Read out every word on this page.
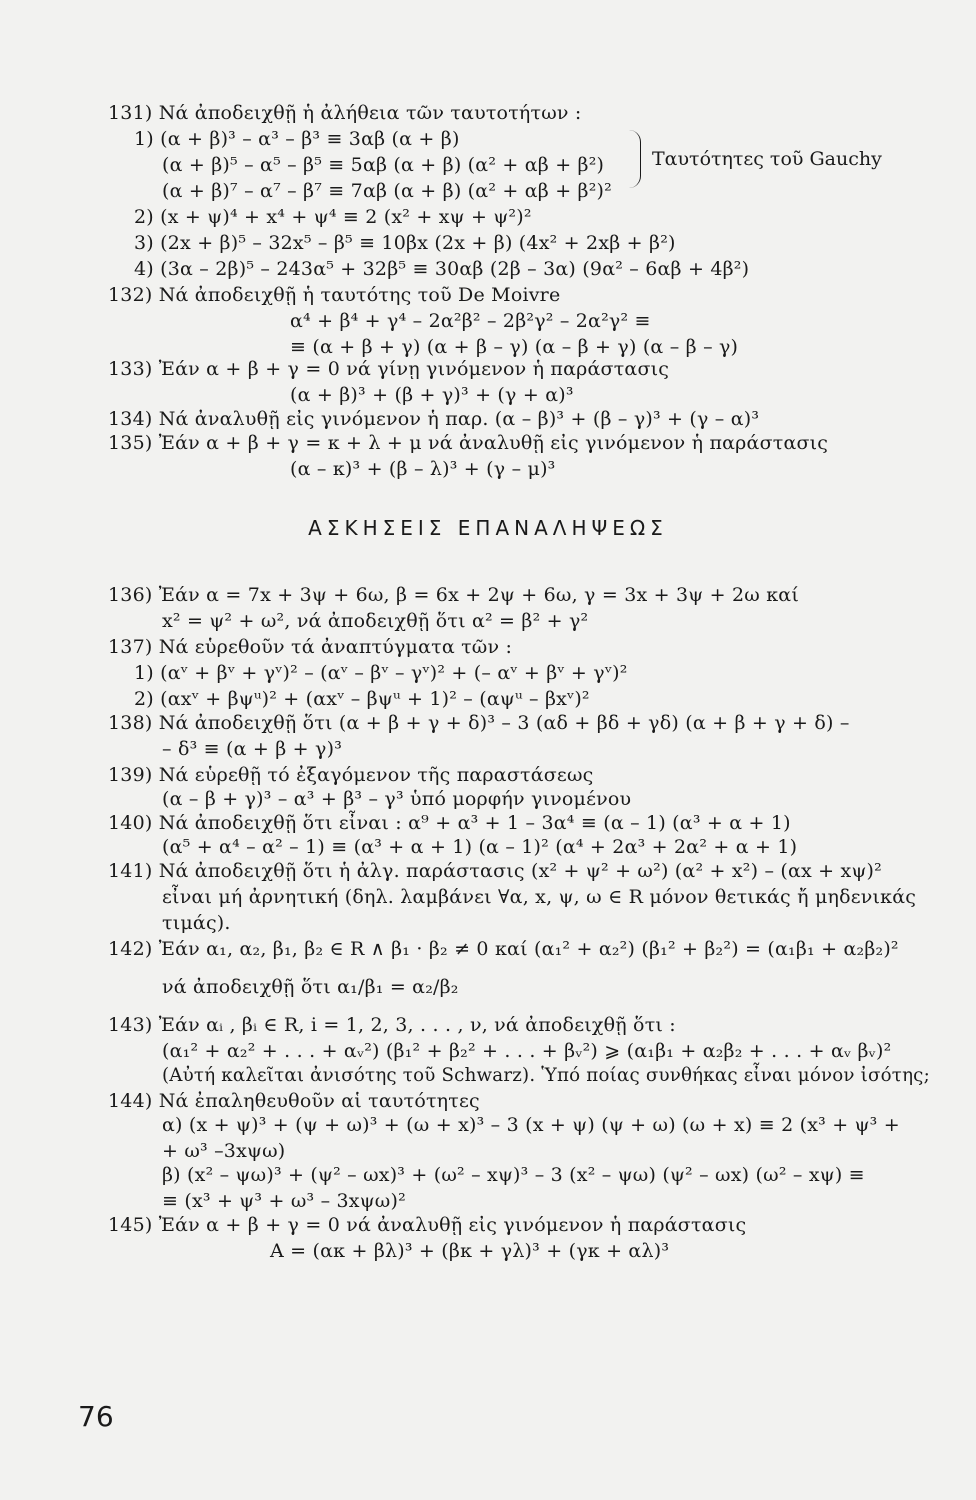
131) Νά ἀποδειχθῇ ἡ ἀλήθεια τῶν ταυτοτήτων :
1) (α + β)³ – α³ – β³ ≡ 3αβ (α + β)
(α + β)⁵ – α⁵ – β⁵ ≡ 5αβ (α + β) (α² + αβ + β²)
(α + β)⁷ – α⁷ – β⁷ ≡ 7αβ (α + β) (α² + αβ + β²)²
Ταυτότητες τοῦ Gauchy
2) (x + ψ)⁴ + x⁴ + ψ⁴ ≡ 2 (x² + xψ + ψ²)²
3) (2x + β)⁵ – 32x⁵ – β⁵ ≡ 10βx (2x + β) (4x² + 2xβ + β²)
4) (3α – 2β)⁵ – 243α⁵ + 32β⁵ ≡ 30αβ (2β – 3α) (9α² – 6αβ + 4β²)
132) Νά ἀποδειχθῇ ἡ ταυτότης τοῦ De Moivre
α⁴ + β⁴ + γ⁴ – 2α²β² – 2β²γ² – 2α²γ² ≡
≡ (α + β + γ) (α + β – γ) (α – β + γ) (α – β – γ)
133) Ἐάν α + β + γ = 0 νά γίνῃ γινόμενον ἡ παράστασις
(α + β)³ + (β + γ)³ + (γ + α)³
134) Νά ἀναλυθῇ εἰς γινόμενον ἡ παρ. (α – β)³ + (β – γ)³ + (γ – α)³
135) Ἐάν α + β + γ = κ + λ + μ νά ἀναλυθῇ εἰς γινόμενον ἡ παράστασις
(α – κ)³ + (β – λ)³ + (γ – μ)³
ΑΣΚΗΣΕΙΣ ΕΠΑΝΑΛΗΨΕΩΣ
136) Ἐάν α = 7x + 3ψ + 6ω, β = 6x + 2ψ + 6ω, γ = 3x + 3ψ + 2ω καί
x² = ψ² + ω², νά ἀποδειχθῇ ὅτι α² = β² + γ²
137) Νά εὑρεθοῦν τά ἀναπτύγματα τῶν :
1) (αᵛ + βᵛ + γᵛ)² – (αᵛ – βᵛ – γᵛ)² + (– αᵛ + βᵛ + γᵛ)²
2) (αxᵛ + βψᵘ)² + (αxᵛ – βψᵘ + 1)² – (αψᵘ – βxᵛ)²
138) Νά ἀποδειχθῇ ὅτι (α + β + γ + δ)³ – 3 (αδ + βδ + γδ) (α + β + γ + δ) –
– δ³ ≡ (α + β + γ)³
139) Νά εὑρεθῇ τό ἐξαγόμενον τῆς παραστάσεως
(α – β + γ)³ – α³ + β³ – γ³ ὑπό μορφήν γινομένου
140) Νά ἀποδειχθῇ ὅτι εἶναι : α⁹ + α³ + 1 – 3α⁴ ≡ (α – 1) (α³ + α + 1)
(α⁵ + α⁴ – α² – 1) ≡ (α³ + α + 1) (α – 1)² (α⁴ + 2α³ + 2α² + α + 1)
141) Νά ἀποδειχθῇ ὅτι ἡ ἀλγ. παράστασις (x² + ψ² + ω²) (α² + x²) – (αx + xψ)²
εἶναι μή ἀρνητική (δηλ. λαμβάνει ∀α, x, ψ, ω ∈ R μόνον θετικάς ἤ μηδενικάς
τιμάς).
142) Ἐάν α₁, α₂, β₁, β₂ ∈ R ∧ β₁ · β₂ ≠ 0 καί (α₁² + α₂²) (β₁² + β₂²) = (α₁β₁ + α₂β₂)²
νά ἀποδειχθῇ ὅτι α₁/β₁ = α₂/β₂
143) Ἐάν αᵢ , βᵢ ∈ R, i = 1, 2, 3, . . . , ν, νά ἀποδειχθῇ ὅτι :
(α₁² + α₂² + . . . + αᵥ²) (β₁² + β₂² + . . . + βᵥ²) ⩾ (α₁β₁ + α₂β₂ + . . . + αᵥ βᵥ)²
(Αὐτή καλεῖται ἀνισότης τοῦ Schwarz). Ὑπό ποίας συνθήκας εἶναι μόνον ἰσότης;
144) Νά ἐπαληθευθοῦν αἱ ταυτότητες
α) (x + ψ)³ + (ψ + ω)³ + (ω + x)³ – 3 (x + ψ) (ψ + ω) (ω + x) ≡ 2 (x³ + ψ³ +
+ ω³ –3xψω)
β) (x² – ψω)³ + (ψ² – ωx)³ + (ω² – xψ)³ – 3 (x² – ψω) (ψ² – ωx) (ω² – xψ) ≡
≡ (x³ + ψ³ + ω³ – 3xψω)²
145) Ἐάν α + β + γ = 0 νά ἀναλυθῇ εἰς γινόμενον ἡ παράστασις
A = (ακ + βλ)³ + (βκ + γλ)³ + (γκ + αλ)³
76
